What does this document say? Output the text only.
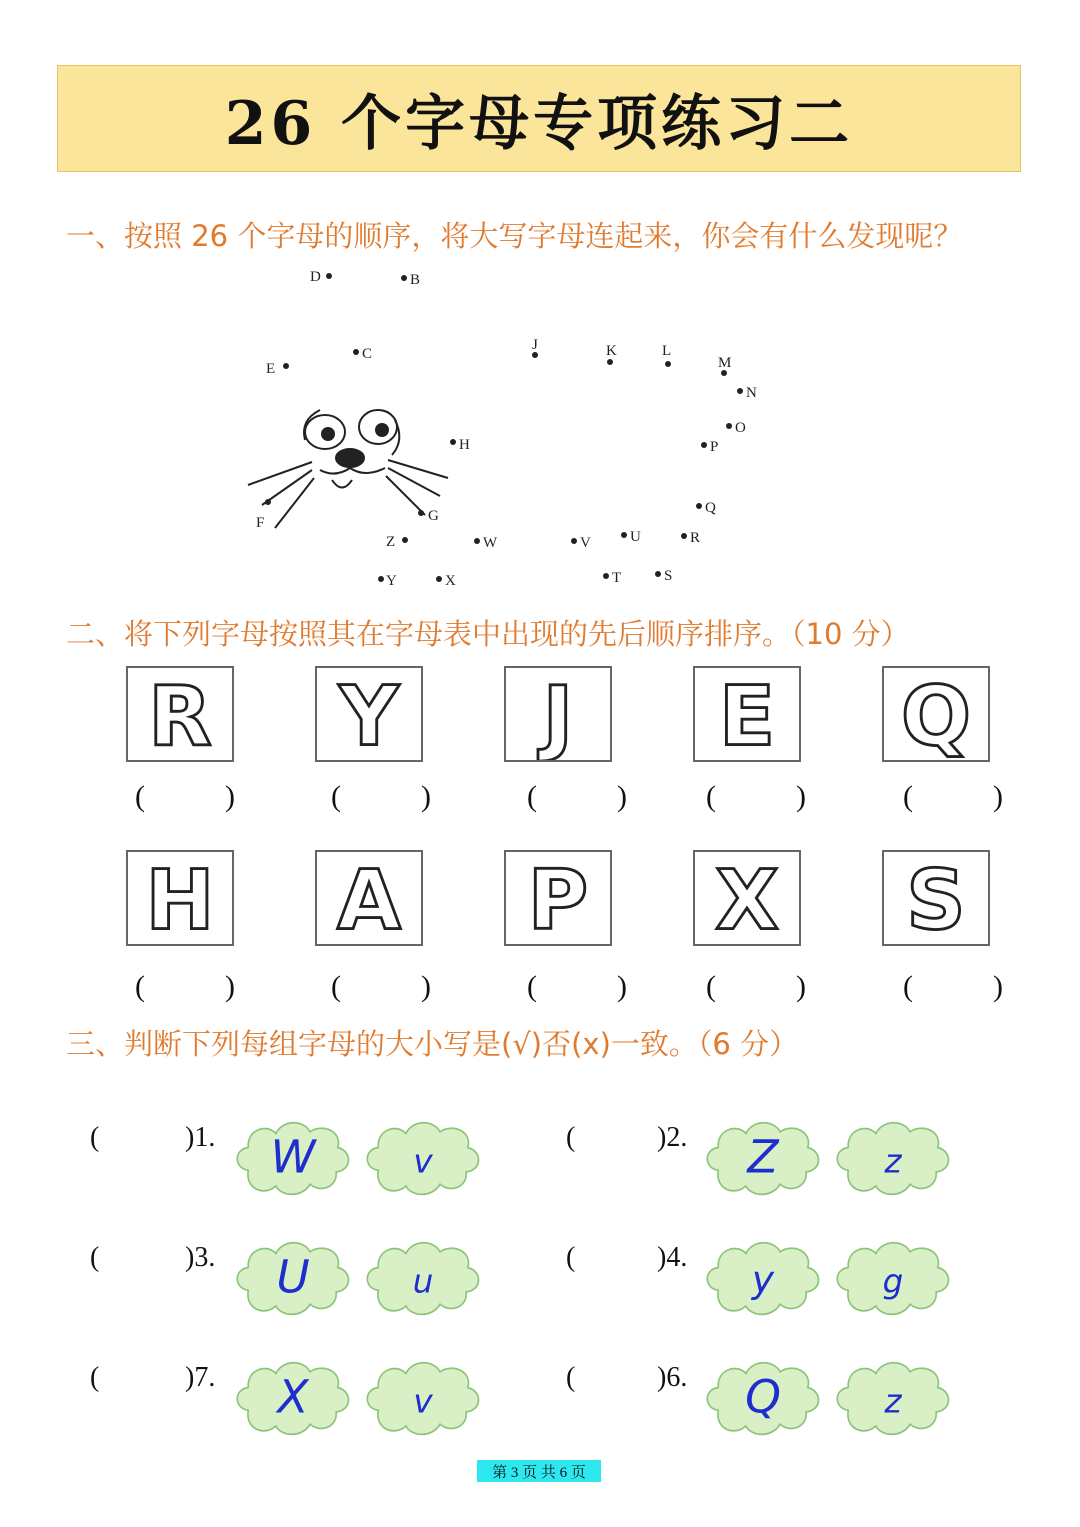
26 个字母专项练习二
一、按照 26 个字母的顺序，将大写字母连起来，你会有什么发现呢？
B
C
D
E
F	G
H
J	K	L
M
N
O
P
Q
R
S
T
U
V
W
X
Y
Z
二、将下列字母按照其在字母表中出现的先后顺序排序。（10 分）
R
(	)
Y
(	)
J
(	)
E
(	)
Q
(	)
H
(	)
A
(	)
P
(	)
X
(	)
S
(	)
三、判断下列每组字母的大小写是(√)否(x)一致。（6 分）
(	)1. W v
(	)2. Z	z
(	)3. U	u
(	)4.
y	g
(	)7. X	v
(	)6. Q	z
第 3 页 共 6 页
